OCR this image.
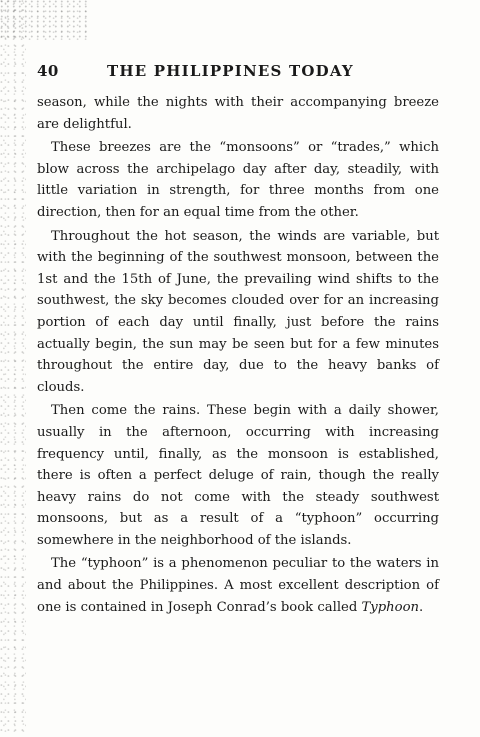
40	THE PHILIPPINES TODAY

season, while the nights with their accompanying breeze are delightful.

These breezes are the “monsoons” or “trades,” which blow across the archipelago day after day, steadily, with little variation in strength, for three months from one direction, then for an equal time from the other.

Throughout the hot season, the winds are variable, but with the beginning of the southwest monsoon, between the 1st and the 15th of June, the prevailing wind shifts to the southwest, the sky becomes clouded over for an increasing portion of each day until finally, just before the rains actually begin, the sun may be seen but for a few minutes throughout the entire day, due to the heavy banks of clouds.

Then come the rains. These begin with a daily shower, usually in the afternoon, occurring with increasing frequency until, finally, as the monsoon is established, there is often a perfect deluge of rain, though the really heavy rains do not come with the steady southwest monsoons, but as a result of a “typhoon” occurring somewhere in the neighborhood of the islands.

The “typhoon” is a phenomenon peculiar to the waters in and about the Philippines. A most excellent description of one is contained in Joseph Conrad’s book called Typhoon.
